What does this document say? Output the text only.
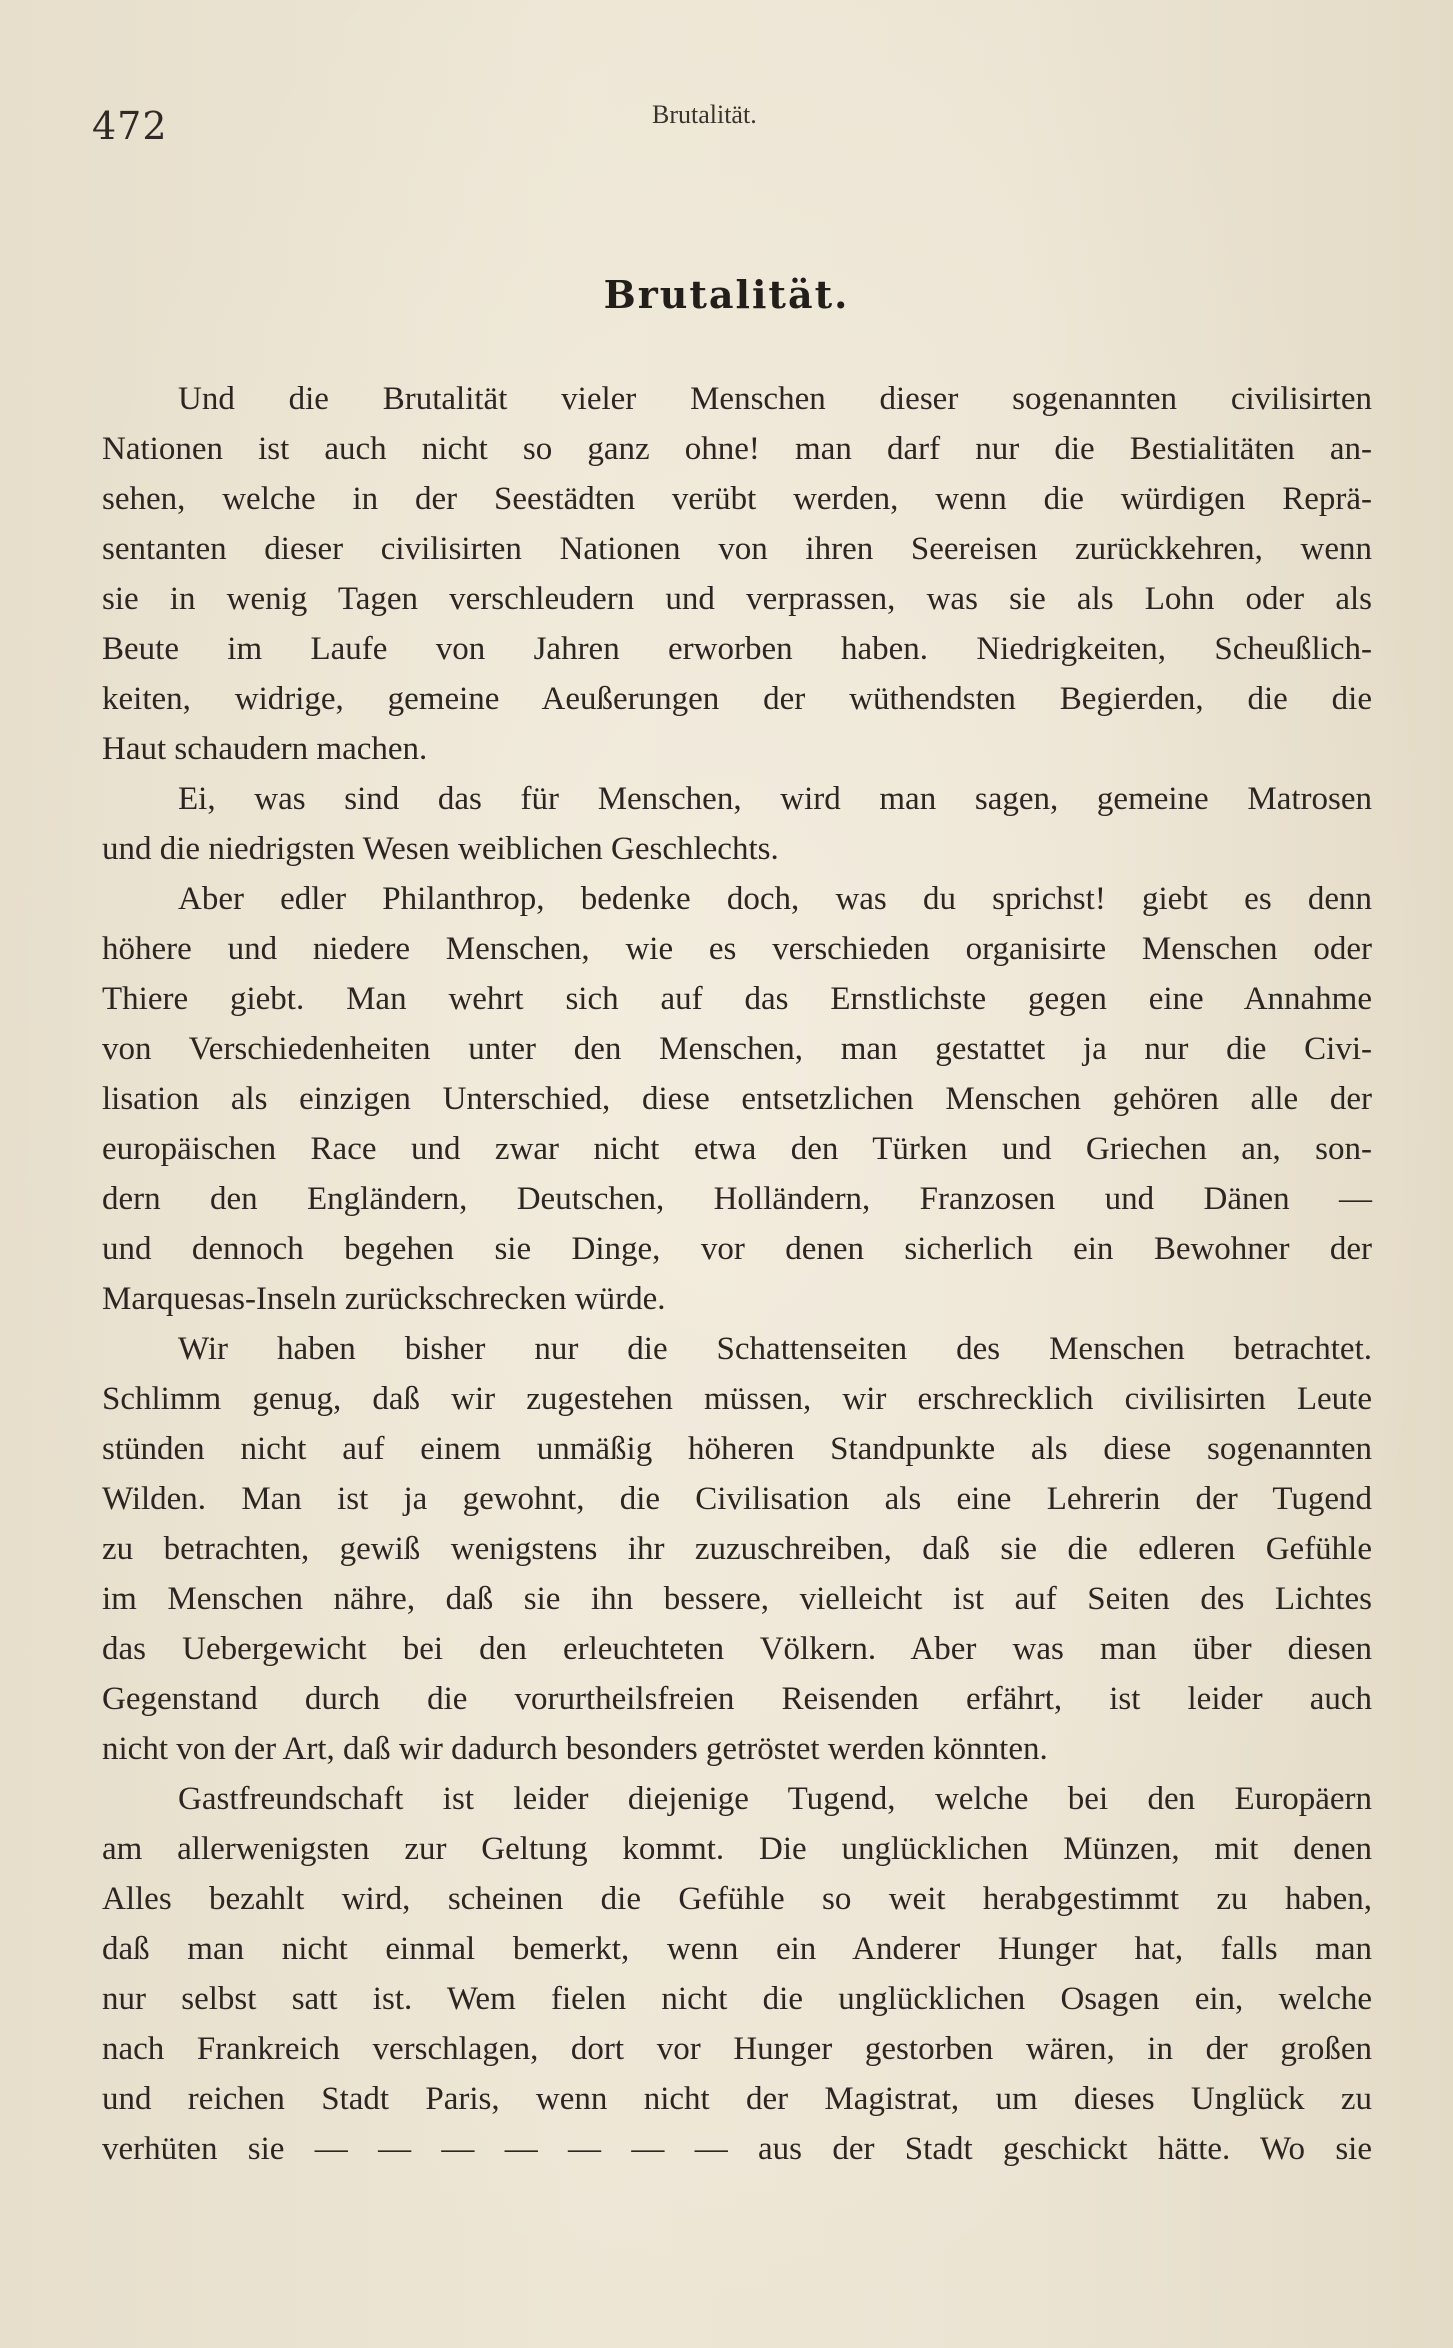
472	Brutalität.
Brutalität.
Und die Brutalität vieler Menschen dieser sogenannten civilisirten
Nationen ist auch nicht so ganz ohne! man darf nur die Bestialitäten an-
sehen, welche in der Seestädten verübt werden, wenn die würdigen Reprä-
sentanten dieser civilisirten Nationen von ihren Seereisen zurückkehren, wenn
sie in wenig Tagen verschleudern und verprassen, was sie als Lohn oder als
Beute im Laufe von Jahren erworben haben. Niedrigkeiten, Scheußlich-
keiten, widrige, gemeine Aeußerungen der wüthendsten Begierden, die die
Haut schaudern machen.
Ei, was sind das für Menschen, wird man sagen, gemeine Matrosen
und die niedrigsten Wesen weiblichen Geschlechts.
Aber edler Philanthrop, bedenke doch, was du sprichst! giebt es denn
höhere und niedere Menschen, wie es verschieden organisirte Menschen oder
Thiere giebt. Man wehrt sich auf das Ernstlichste gegen eine Annahme
von Verschiedenheiten unter den Menschen, man gestattet ja nur die Civi-
lisation als einzigen Unterschied, diese entsetzlichen Menschen gehören alle der
europäischen Race und zwar nicht etwa den Türken und Griechen an, son-
dern den Engländern, Deutschen, Holländern, Franzosen und Dänen —
und dennoch begehen sie Dinge, vor denen sicherlich ein Bewohner der
Marquesas-Inseln zurückschrecken würde.
Wir haben bisher nur die Schattenseiten des Menschen betrachtet.
Schlimm genug, daß wir zugestehen müssen, wir erschrecklich civilisirten Leute
stünden nicht auf einem unmäßig höheren Standpunkte als diese sogenannten
Wilden. Man ist ja gewohnt, die Civilisation als eine Lehrerin der Tugend
zu betrachten, gewiß wenigstens ihr zuzuschreiben, daß sie die edleren Gefühle
im Menschen nähre, daß sie ihn bessere, vielleicht ist auf Seiten des Lichtes
das Uebergewicht bei den erleuchteten Völkern. Aber was man über diesen
Gegenstand durch die vorurtheilsfreien Reisenden erfährt, ist leider auch
nicht von der Art, daß wir dadurch besonders getröstet werden könnten.
Gastfreundschaft ist leider diejenige Tugend, welche bei den Europäern
am allerwenigsten zur Geltung kommt. Die unglücklichen Münzen, mit denen
Alles bezahlt wird, scheinen die Gefühle so weit herabgestimmt zu haben,
daß man nicht einmal bemerkt, wenn ein Anderer Hunger hat, falls man
nur selbst satt ist. Wem fielen nicht die unglücklichen Osagen ein, welche
nach Frankreich verschlagen, dort vor Hunger gestorben wären, in der großen
und reichen Stadt Paris, wenn nicht der Magistrat, um dieses Unglück zu
verhüten sie — — — — — — — aus der Stadt geschickt hätte. Wo sie
